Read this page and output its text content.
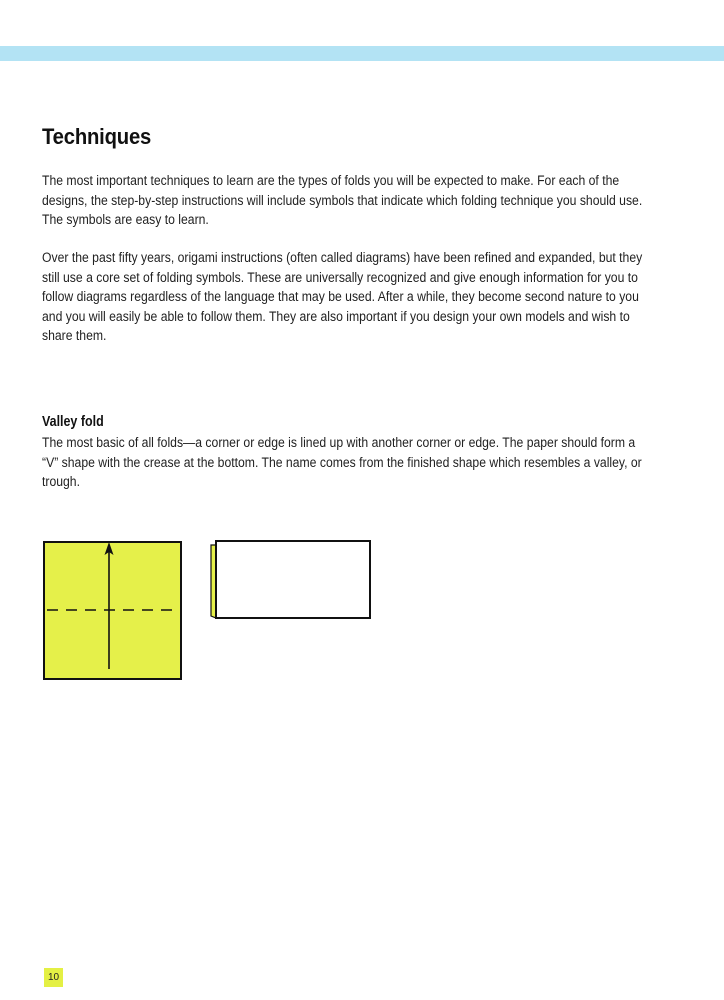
Techniques

The most important techniques to learn are the types of folds you will be expected to make. For each of the designs, the step-by-step instructions will include symbols that indicate which folding technique you should use. The symbols are easy to learn.

Over the past fifty years, origami instructions (often called diagrams) have been refined and expanded, but they still use a core set of folding symbols. These are universally recognized and give enough information for you to follow diagrams regardless of the language that may be used. After a while, they become second nature to you and you will easily be able to follow them. They are also important if you design your own models and wish to share them.

Valley fold

The most basic of all folds—a corner or edge is lined up with another corner or edge. The paper should form a “V” shape with the crease at the bottom. The name comes from the finished shape which resembles a valley, or trough.

10
